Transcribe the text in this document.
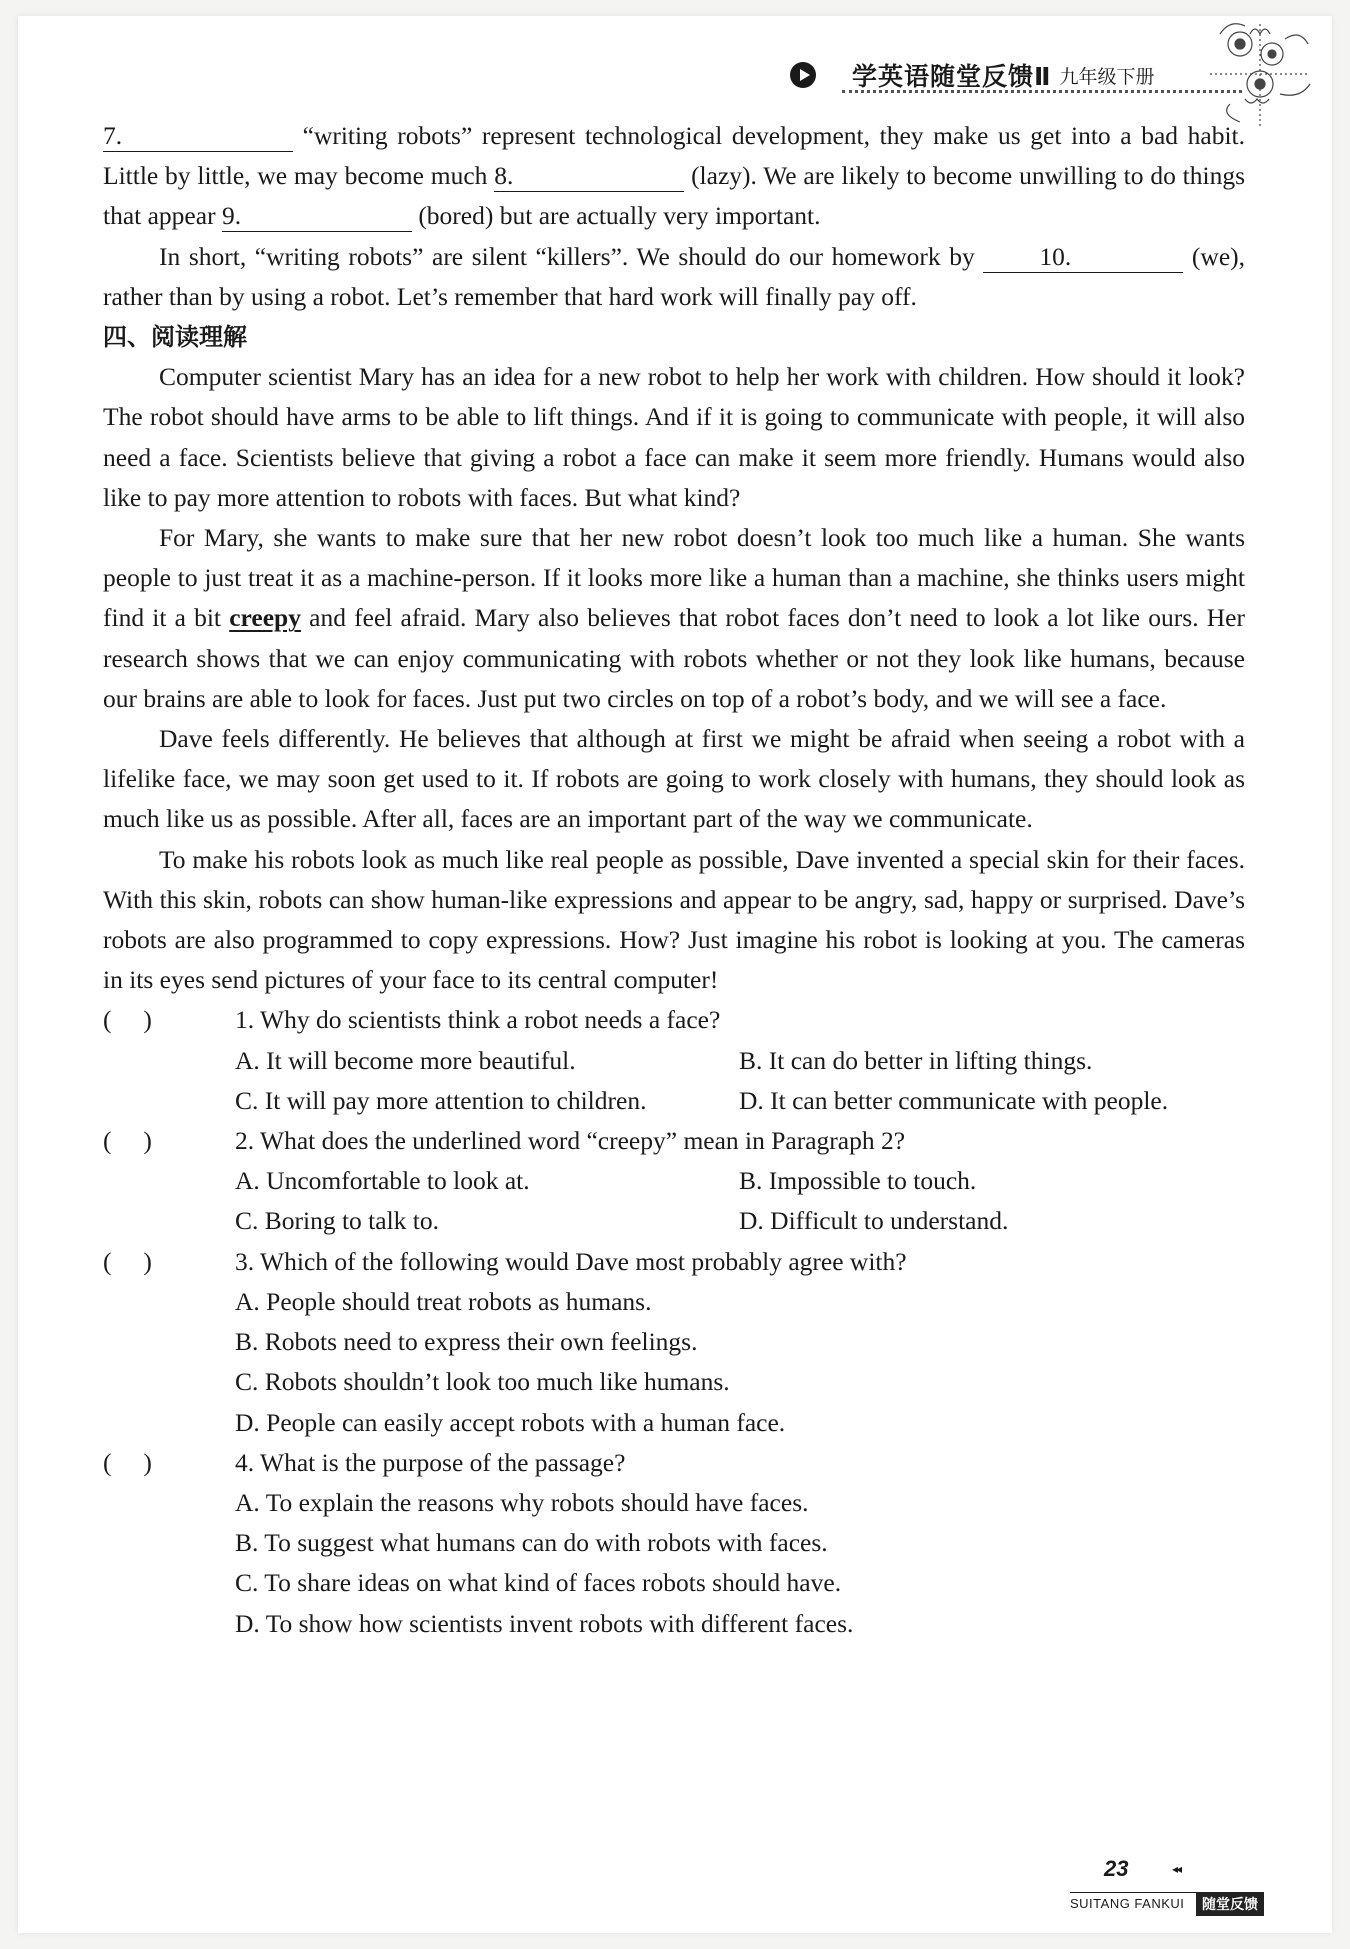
学英语随堂反馈Ⅱ 九年级下册

7.	“writing robots” represent technological development, they make us get into a bad habit. Little by little, we may become much 8.	(lazy). We are likely to become unwilling to do things that appear 9.	(bored) but are actually very important.

In short, “writing robots” are silent “killers”. We should do our homework by 10.	(we), rather than by using a robot. Let’s remember that hard work will finally pay off.

四、阅读理解

Computer scientist Mary has an idea for a new robot to help her work with children. How should it look? The robot should have arms to be able to lift things. And if it is going to communicate with people, it will also need a face. Scientists believe that giving a robot a face can make it seem more friendly. Humans would also like to pay more attention to robots with faces. But what kind?

For Mary, she wants to make sure that her new robot doesn’t look too much like a human. She wants people to just treat it as a machine-person. If it looks more like a human than a machine, she thinks users might find it a bit creepy and feel afraid. Mary also believes that robot faces don’t need to look a lot like ours. Her research shows that we can enjoy communicating with robots whether or not they look like humans, because our brains are able to look for faces. Just put two circles on top of a robot’s body, and we will see a face.

Dave feels differently. He believes that although at first we might be afraid when seeing a robot with a lifelike face, we may soon get used to it. If robots are going to work closely with humans, they should look as much like us as possible. After all, faces are an important part of the way we communicate.

To make his robots look as much like real people as possible, Dave invented a special skin for their faces. With this skin, robots can show human-like expressions and appear to be angry, sad, happy or surprised. Dave’s robots are also programmed to copy expressions. How? Just imagine his robot is looking at you. The cameras in its eyes send pictures of your face to its central computer!

(     )	1. Why do scientists think a robot needs a face?
A. It will become more beautiful.	B. It can do better in lifting things.
C. It will pay more attention to children.	D. It can better communicate with people.
(     )	2. What does the underlined word “creepy” mean in Paragraph 2?
A. Uncomfortable to look at.	B. Impossible to touch.
C. Boring to talk to.	D. Difficult to understand.
(     )	3. Which of the following would Dave most probably agree with?
A. People should treat robots as humans.
B. Robots need to express their own feelings.
C. Robots shouldn’t look too much like humans.
D. People can easily accept robots with a human face.
(     )	4. What is the purpose of the passage?
A. To explain the reasons why robots should have faces.
B. To suggest what humans can do with robots with faces.
C. To share ideas on what kind of faces robots should have.
D. To show how scientists invent robots with different faces.
23	◂◂
SUITANG FANKUI	随堂反馈
